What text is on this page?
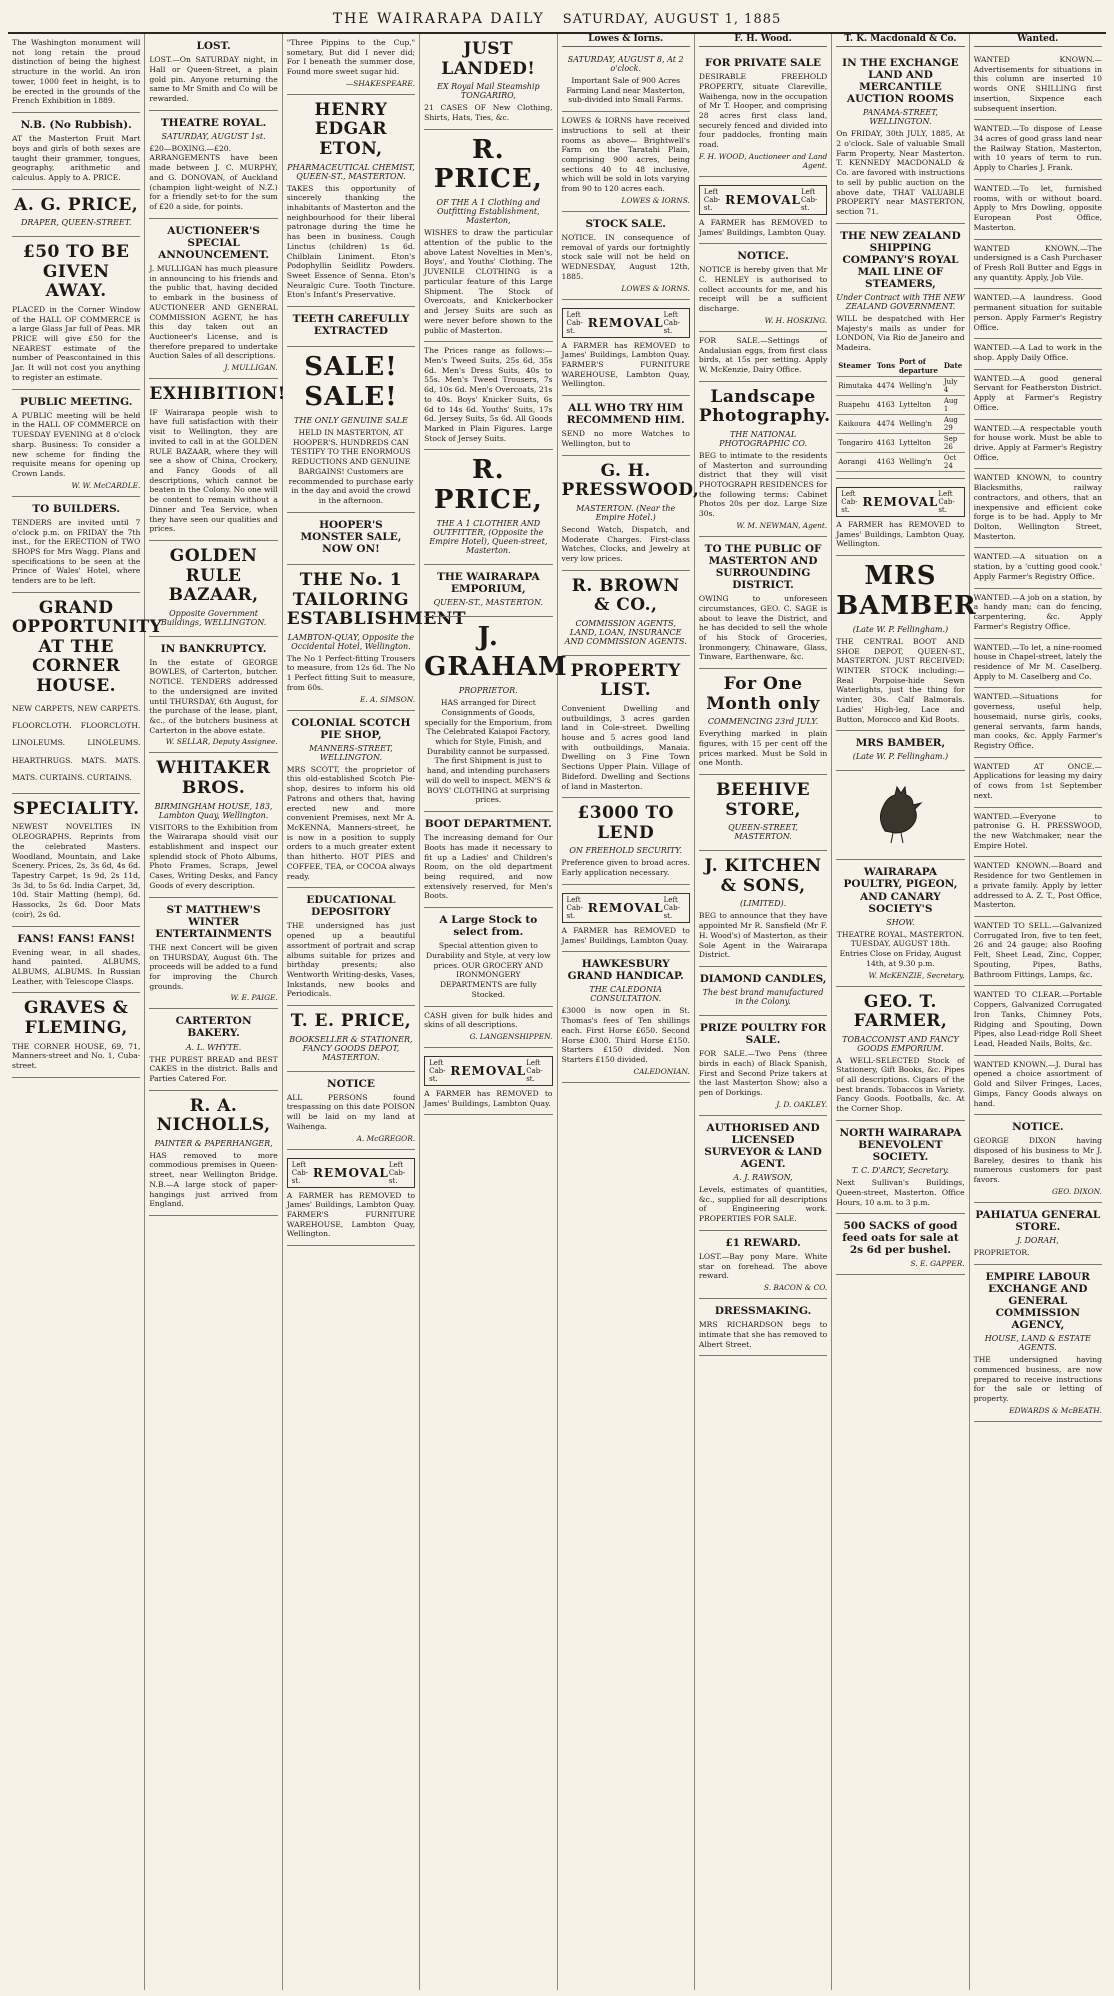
THE WAIRARAPA DAILY SATURDAY, AUGUST 1, 1885
The Washington monument will not long retain the proud distinction of being the highest structure in the world. An iron tower, 1000 feet in height, is to be erected in the grounds of the French Exhibition in 1889.
N.B. (No Rubbish).
AT the Masterton Fruit Mart boys and girls of both sexes are taught their grammer, tongues, geography, arithmetic and calculus. Apply to A. PRICE.
A. G. PRICE,
DRAPER, QUEEN-STREET.
£50 TO BE GIVEN AWAY.
PLACED in the Corner Window of the HALL OF COMMERCE is a large Glass Jar full of Peas. MR PRICE will give £50 for the NEAREST estimate of the number of Peascontained in this Jar. It will not cost you anything to register an estimate.
PUBLIC MEETING.
A PUBLIC meeting will be held in the HALL OF COMMERCE on TUESDAY EVENING at 8 o'clock sharp. Business: To consider a new scheme for finding the requisite means for opening up Crown Lands.
W. W. McCARDLE.
TO BUILDERS.
TENDERS are invited until 7 o'clock p.m. on FRIDAY the 7th inst., for the ERECTION of TWO SHOPS for Mrs Wagg. Plans and specifications to be seen at the Prince of Wales' Hotel, where tenders are to be left.
GRAND OPPORTUNITY AT THE CORNER HOUSE.
NEW CARPETS, NEW CARPETS. FLOORCLOTH. FLOORCLOTH. LINOLEUMS. LINOLEUMS. HEARTHRUGS. MATS. MATS. MATS. CURTAINS. CURTAINS.
SPECIALITY.
NEWEST NOVELTIES IN OLEOGRAPHS. Reprints from the celebrated Masters. Woodland, Mountain, and Lake Scenery. Prices, 2s, 3s 6d, 4s 6d. Tapestry Carpet, 1s 9d, 2s 11d, 3s 3d, to 5s 6d. India Carpet, 3d, 10d. Stair Matting (hemp), 6d. Hassocks, 2s 6d. Door Mats (coir), 2s 6d.
FANS! FANS! FANS!
Evening wear, in all shades, hand painted. ALBUMS, ALBUMS, ALBUMS. In Russian Leather, with Telescope Clasps.
GRAVES & FLEMING,
THE CORNER HOUSE, 69, 71, Manners-street and No. 1, Cuba-street.
LOST.
LOST.—On SATURDAY night, in Hall or Queen-Street, a plain gold pin. Anyone returning the same to Mr Smith and Co will be rewarded.
THEATRE ROYAL.
SATURDAY, AUGUST 1st.
£20—BOXING.—£20. ARRANGEMENTS have been made between J. C. MURPHY, and G. DONOVAN, of Auckland (champion light-weight of N.Z.) for a friendly set-to for the sum of £20 a side, for points.
AUCTIONEER'S SPECIAL ANNOUNCEMENT.
J. MULLIGAN has much pleasure in announcing to his friends and the public that, having decided to embark in the business of AUCTIONEER AND GENERAL COMMISSION AGENT, he has this day taken out an Auctioneer's License, and is therefore prepared to undertake Auction Sales of all descriptions.
J. MULLIGAN.
EXHIBITION!
IF Wairarapa people wish to have full satisfaction with their visit to Wellington, they are invited to call in at the GOLDEN RULE BAZAAR, where they will see a show of China, Crockery, and Fancy Goods of all descriptions, which cannot be beaten in the Colony. No one will be content to remain without a Dinner and Tea Service, when they have seen our qualities and prices.
GOLDEN RULE BAZAAR,
Opposite Government Buildings, WELLINGTON.
IN BANKRUPTCY.
In the estate of GEORGE BOWLES, of Carterton, butcher. NOTICE. TENDERS addressed to the undersigned are invited until THURSDAY, 6th August, for the purchase of the lease, plant, &c., of the butchers business at Carterton in the above estate.
W. SELLAR, Deputy Assignee.
WHITAKER BROS.
BIRMINGHAM HOUSE, 183, Lambton Quay, Wellington.
VISITORS to the Exhibition from the Wairarapa should visit our establishment and inspect our splendid stock of Photo Albums, Photo Frames, Scraps, Jewel Cases, Writing Desks, and Fancy Goods of every description.
ST MATTHEW'S WINTER ENTERTAINMENTS
THE next Concert will be given on THURSDAY, August 6th. The proceeds will be added to a fund for improving the Church grounds.
W. E. PAIGE.
CARTERTON BAKERY.
A. L. WHYTE.
THE PUREST BREAD and BEST CAKES in the district. Balls and Parties Catered For.
R. A. NICHOLLS,
PAINTER & PAPERHANGER,
HAS removed to more commodious premises in Queen-street, near Wellington Bridge. N.B.—A large stock of paper-hangings just arrived from England.
"Three Pippins to the Cup," sometary, But did I never did; For I beneath the summer dose, Found more sweet sugar hid.
—SHAKESPEARE.
HENRY EDGAR ETON,
PHARMACEUTICAL CHEMIST, QUEEN-ST., MASTERTON.
TAKES this opportunity of sincerely thanking the inhabitants of Masterton and the neighbourhood for their liberal patronage during the time he has been in business. Cough Linctus (children) 1s 6d. Chilblain Liniment. Eton's Podophyllin Seidlitz Powders. Sweet Essence of Senna. Eton's Neuralgic Cure. Tooth Tincture. Eton's Infant's Preservative.
TEETH CAREFULLY EXTRACTED
SALE! SALE!
THE ONLY GENUINE SALE
HELD IN MASTERTON, AT HOOPER'S. HUNDREDS CAN TESTIFY TO THE ENORMOUS REDUCTIONS AND GENUINE BARGAINS! Customers are recommended to purchase early in the day and avoid the crowd in the afternoon.
HOOPER'S MONSTER SALE, NOW ON!
THE No. 1 TAILORING ESTABLISHMENT
LAMBTON-QUAY, Opposite the Occidental Hotel, Wellington.
The No 1 Perfect-fitting Trousers to measure, from 12s 6d. The No 1 Perfect fitting Suit to measure, from 60s.
E. A. SIMSON.
COLONIAL SCOTCH PIE SHOP,
MANNERS-STREET, WELLINGTON.
MRS SCOTT, the proprietor of this old-established Scotch Pie-shop, desires to inform his old Patrons and others that, having erected new and more convenient Premises, next Mr A. McKENNA, Manners-street, he is now in a position to supply orders to a much greater extent than hitherto. HOT PIES and COFFEE, TEA, or COCOA always ready.
EDUCATIONAL DEPOSITORY
THE undersigned has just opened up a beautiful assortment of portrait and scrap albums suitable for prizes and birthday presents; also Wentworth Writing-desks, Vases, Inkstands, new books and Periodicals.
T. E. PRICE,
BOOKSELLER & STATIONER, FANCY GOODS DEPOT, MASTERTON.
NOTICE
ALL PERSONS found trespassing on this date POISON will be laid on my land at Waihenga.
A. McGREGOR.
Left Cab-st.
REMOVAL
Left Cab-st.
A FARMER has REMOVED to James' Buildings, Lambton Quay. FARMER'S FURNITURE WAREHOUSE, Lambton Quay, Wellington.
JUST LANDED!
EX Royal Mail Steamship TONGARIRO,
21 CASES OF New Clothing, Shirts, Hats, Ties, &c.
R. PRICE,
OF THE A 1 Clothing and Outfitting Establishment, Masterton,
WISHES to draw the particular attention of the public to the above Latest Novelties in Men's, Boys', and Youths' Clothing. The JUVENILE CLOTHING is a particular feature of this Large Shipment. The Stock of Overcoats, and Knickerbocker and Jersey Suits are such as were never before shown to the public of Masterton.
The Prices range as follows:— Men's Tweed Suits, 25s 6d, 35s 6d. Men's Dress Suits, 40s to 55s. Men's Tweed Trousers, 7s 6d, 10s 6d. Men's Overcoats, 21s to 40s. Boys' Knicker Suits, 6s 6d to 14s 6d. Youths' Suits, 17s 6d. Jersey Suits, 5s 6d. All Goods Marked in Plain Figures. Large Stock of Jersey Suits.
R. PRICE,
THE A 1 CLOTHIER AND OUTFITTER, (Opposite the Empire Hotel), Queen-street, Masterton.
THE WAIRARAPA EMPORIUM,
QUEEN-ST., MASTERTON.
J. GRAHAM
PROPRIETOR.
HAS arranged for Direct Consignments of Goods, specially for the Emporium, from The Celebrated Kaiapoi Factory, which for Style, Finish, and Durability cannot be surpassed. The first Shipment is just to hand, and intending purchasers will do well to inspect. MEN'S & BOYS' CLOTHING at surprising prices.
BOOT DEPARTMENT.
The increasing demand for Our Boots has made it necessary to fit up a Ladies' and Children's Room, on the old department being required, and now extensively reserved, for Men's Boots.
A Large Stock to select from.
Special attention given to Durability and Style, at very low prices. OUR GROCERY AND IRONMONGERY DEPARTMENTS are fully Stocked.
CASH given for bulk hides and skins of all descriptions.
G. LANGENSHIPPEN.
Left Cab-st.
REMOVAL
Left Cab-st.
A FARMER has REMOVED to James' Buildings, Lambton Quay.
Lowes & Iorns.
SATURDAY, AUGUST 8, At 2 o'clock.
Important Sale of 900 Acres Farming Land near Masterton, sub-divided into Small Farms.
LOWES & IORNS have received instructions to sell at their rooms as above— Brightwell's Farm on the Taratahi Plain, comprising 900 acres, being sections 40 to 48 inclusive, which will be sold in lots varying from 90 to 120 acres each.
LOWES & IORNS.
STOCK SALE.
NOTICE. IN consequence of removal of yards our fortnightly stock sale will not be held on WEDNESDAY, August 12th, 1885.
LOWES & IORNS.
Left Cab-st.
REMOVAL
Left Cab-st.
A FARMER has REMOVED to James' Buildings, Lambton Quay. FARMER'S FURNITURE WAREHOUSE, Lambton Quay, Wellington.
ALL WHO TRY HIM RECOMMEND HIM.
SEND no more Watches to Wellington, but to
G. H. PRESSWOOD,
MASTERTON. (Near the Empire Hotel.)
Second Watch, Dispatch, and Moderate Charges. First-class Watches, Clocks, and Jewelry at very low prices.
R. BROWN & CO.,
COMMISSION AGENTS, LAND, LOAN, INSURANCE AND COMMISSION AGENTS.
PROPERTY LIST.
Convenient Dwelling and outbuildings, 3 acres garden land in Cole-street. Dwelling house and 5 acres good land with outbuildings, Manaia. Dwelling on 3 Fine Town Sections Upper Plain. Village of Bideford. Dwelling and Sections of land in Masterton.
£3000 TO LEND
ON FREEHOLD SECURITY.
Preference given to broad acres. Early application necessary.
Left Cab-st.
REMOVAL
Left Cab-st.
A FARMER has REMOVED to James' Buildings, Lambton Quay.
HAWKESBURY GRAND HANDICAP.
THE CALEDONIA CONSULTATION.
£3000 is now open in St. Thomas's fees of Ten shillings each. First Horse £650. Second Horse £300. Third Horse £150. Starters £150 divided. Non Starters £150 divided.
CALEDONIAN.
F. H. Wood.
FOR PRIVATE SALE
DESIRABLE FREEHOLD PROPERTY, situate Clareville, Waihenga, now in the occupation of Mr T. Hooper, and comprising 28 acres first class land, securely fenced and divided into four paddocks, fronting main road.
F. H. WOOD, Auctioneer and Land Agent.
Left Cab-st.
REMOVAL
Left Cab-st.
A FARMER has REMOVED to James' Buildings, Lambton Quay.
NOTICE.
NOTICE is hereby given that Mr C. HENLEY is authorised to collect accounts for me, and his receipt will be a sufficient discharge.
W. H. HOSKING.
FOR SALE.—Settings of Andalusian eggs, from first class birds, at 15s per setting. Apply W. McKenzie, Dairy Office.
Landscape Photography.
THE NATIONAL PHOTOGRAPHIC CO.
BEG to intimate to the residents of Masterton and surrounding district that they will visit PHOTOGRAPH RESIDENCES for the following terms: Cabinet Photos 20s per doz. Large Size 30s.
W. M. NEWMAN, Agent.
TO THE PUBLIC OF MASTERTON AND SURROUNDING DISTRICT.
OWING to unforeseen circumstances, GEO. C. SAGE is about to leave the District, and he has decided to sell the whole of his Stock of Groceries, Ironmongery, Chinaware, Glass, Tinware, Earthenware, &c.
For One Month only
COMMENCING 23rd JULY.
Everything marked in plain figures, with 15 per cent off the prices marked. Must be Sold in one Month.
BEEHIVE STORE,
QUEEN-STREET, MASTERTON.
J. KITCHEN & SONS,
(LIMITED).
BEG to announce that they have appointed Mr R. Sansfield (Mr F. H. Wood's) of Masterton, as their Sole Agent in the Wairarapa District.
DIAMOND CANDLES,
The best brand manufactured in the Colony.
PRIZE POULTRY FOR SALE.
FOR SALE.—Two Pens (three birds in each) of Black Spanish, First and Second Prize takers at the last Masterton Show; also a pen of Dorkings.
J. D. OAKLEY.
AUTHORISED AND LICENSED SURVEYOR & LAND AGENT.
A. J. RAWSON,
Levels, estimates of quantities, &c., supplied for all descriptions of Engineering work. PROPERTIES FOR SALE.
£1 REWARD.
LOST.—Bay pony Mare. White star on forehead. The above reward.
S. BACON & CO.
DRESSMAKING.
MRS RICHARDSON begs to intimate that she has removed to Albert Street.
T. K. Macdonald & Co.
IN THE EXCHANGE LAND AND MERCANTILE AUCTION ROOMS
PANAMA-STREET, WELLINGTON.
On FRIDAY, 30th JULY, 1885, At 2 o'clock. Sale of valuable Small Farm Property, Near Masterton. T. KENNEDY MACDONALD & Co. are favored with instructions to sell by public auction on the above date, THAT VALUABLE PROPERTY near MASTERTON, section 71.
THE NEW ZEALAND SHIPPING COMPANY'S ROYAL MAIL LINE OF STEAMERS,
Under Contract with THE NEW ZEALAND GOVERNMENT.
WILL be despatched with Her Majesty's mails as under for LONDON, Via Rio de Janeiro and Madeira.
Steamer	Tons	Port of departure	Date
Rimutaka	4474	Welling'n	July 4
Ruapehu	4163	Lyttelton	Aug 1
Kaikoura	4474	Welling'n	Aug 29
Tongariro	4163	Lyttelton	Sep 26
Aorangi	4163	Welling'n	Oct 24
Left Cab-st.
REMOVAL
Left Cab-st.
A FARMER has REMOVED to James' Buildings, Lambton Quay, Wellington.
MRS BAMBER
(Late W. P. Fellingham.)
THE CENTRAL BOOT AND SHOE DEPOT, QUEEN-ST., MASTERTON. JUST RECEIVED: WINTER STOCK including:— Real Porpoise-hide Sewn Waterlights, just the thing for winter, 30s. Calf Balmorals. Ladies' High-leg, Lace and Button, Morocco and Kid Boots.
MRS BAMBER,
(Late W. P. Fellingham.)
WAIRARAPA POULTRY, PIGEON, AND CANARY SOCIETY'S
SHOW.
THEATRE ROYAL, MASTERTON. TUESDAY, AUGUST 18th. Entries Close on Friday, August 14th, at 9.30 p.m.
W. McKENZIE, Secretary.
GEO. T. FARMER,
TOBACCONIST AND FANCY GOODS EMPORIUM.
A WELL-SELECTED Stock of Stationery, Gift Books, &c. Pipes of all descriptions. Cigars of the best brands. Tobaccos in Variety. Fancy Goods. Footballs, &c. At the Corner Shop.
NORTH WAIRARAPA BENEVOLENT SOCIETY.
T. C. D'ARCY, Secretary.
Next Sullivan's Buildings, Queen-street, Masterton. Office Hours, 10 a.m. to 3 p.m.
500 SACKS of good feed oats for sale at 2s 6d per bushel.
S. E. GAPPER.
Wanted.
WANTED KNOWN.—Advertisements for situations in this column are inserted 10 words ONE SHILLING first insertion, Sixpence each subsequent insertion.
WANTED.—To dispose of Lease 34 acres of good grass land near the Railway Station, Masterton, with 10 years of term to run. Apply to Charles J. Frank.
WANTED.—To let, furnished rooms, with or without board. Apply to Mrs Dowling, opposite European Post Office, Masterton.
WANTED KNOWN.—The undersigned is a Cash Purchaser of Fresh Roll Butter and Eggs in any quantity. Apply, Job Vile.
WANTED.—A laundress. Good permanent situation for suitable person. Apply Farmer's Registry Office.
WANTED.—A Lad to work in the shop. Apply Daily Office.
WANTED.—A good general Servant for Featherston District. Apply at Farmer's Registry Office.
WANTED.—A respectable youth for house work. Must be able to drive. Apply at Farmer's Registry Office.
WANTED KNOWN, to country Blacksmiths, railway contractors, and others, that an inexpensive and efficient coke forge is to be had. Apply to Mr Dolton, Wellington Street, Masterton.
WANTED.—A situation on a station, by a 'cutting good cook.' Apply Farmer's Registry Office.
WANTED.—A job on a station, by a handy man; can do fencing, carpentering, &c. Apply Farmer's Registry Office.
WANTED.—To let, a nine-roomed house in Chapel-street, lately the residence of Mr M. Caselberg. Apply to M. Caselberg and Co.
WANTED.—Situations for governess, useful help, housemaid, nurse girls, cooks, general servants, farm hands, man cooks, &c. Apply Farmer's Registry Office.
WANTED AT ONCE.—Applications for leasing my dairy of cows from 1st September next.
WANTED.—Everyone to patronise G. H. PRESSWOOD, the new Watchmaker, near the Empire Hotel.
WANTED KNOWN.—Board and Residence for two Gentlemen in a private family. Apply by letter addressed to A. Z. T., Post Office, Masterton.
WANTED TO SELL.—Galvanized Corrugated Iron, five to ten feet, 26 and 24 gauge; also Roofing Felt, Sheet Lead, Zinc, Copper, Spouting, Pipes, Baths, Bathroom Fittings, Lamps, &c.
WANTED TO CLEAR.—Portable Coppers, Galvanized Corrugated Iron Tanks, Chimney Pots, Ridging and Spouting, Down Pipes, also Lead-ridge Roll Sheet Lead, Headed Nails, Bolts, &c.
WANTED KNOWN.—J. Dural has opened a choice assortment of Gold and Silver Fringes, Laces, Gimps, Fancy Goods always on hand.
NOTICE.
GEORGE DIXON having disposed of his business to Mr J. Bareley, desires to thank his numerous customers for past favors.
GEO. DIXON.
PAHIATUA GENERAL STORE.
J. DORAH,
PROPRIETOR.
EMPIRE LABOUR EXCHANGE AND GENERAL COMMISSION AGENCY,
HOUSE, LAND & ESTATE AGENTS.
THE undersigned having commenced business, are now prepared to receive instructions for the sale or letting of property.
EDWARDS & McBEATH.
